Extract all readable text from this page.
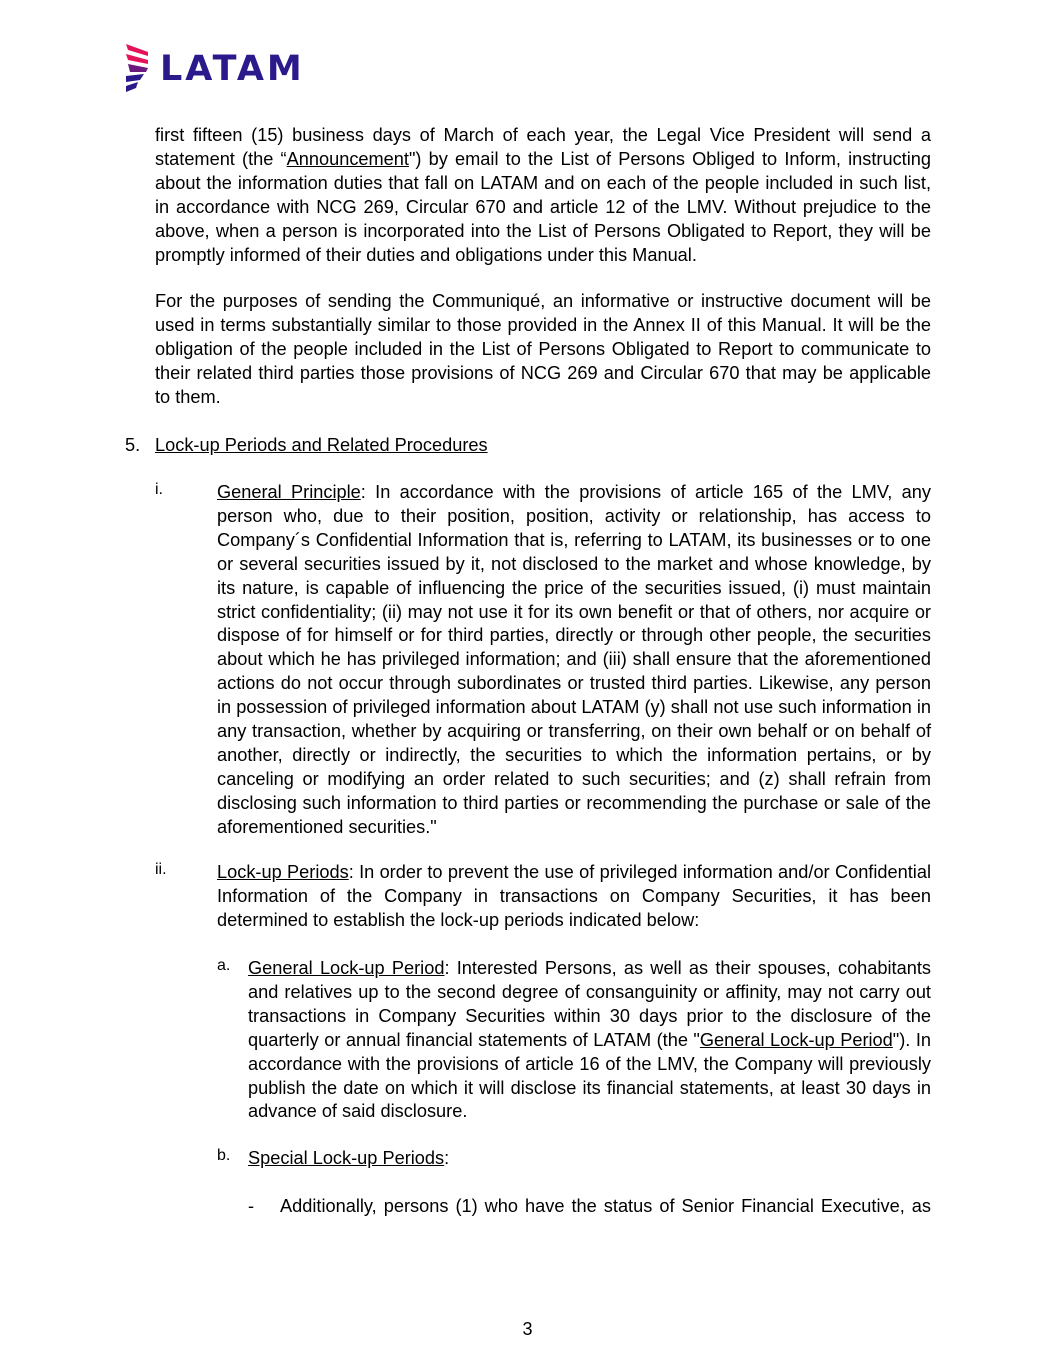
LATAM

first fifteen (15) business days of March of each year, the Legal Vice President will send a statement (the “Announcement") by email to the List of Persons Obliged to Inform, instructing about the information duties that fall on LATAM and on each of the people included in such list, in accordance with NCG 269, Circular 670 and article 12 of the LMV. Without prejudice to the above, when a person is incorporated into the List of Persons Obligated to Report, they will be promptly informed of their duties and obligations under this Manual.

For the purposes of sending the Communiqué, an informative or instructive document will be used in terms substantially similar to those provided in the Annex II of this Manual. It will be the obligation of the people included in the List of Persons Obligated to Report to communicate to their related third parties those provisions of NCG 269 and Circular 670 that may be applicable to them.

5. Lock-up Periods and Related Procedures
i.	General Principle: In accordance with the provisions of article 165 of the LMV, any person who, due to their position, position, activity or relationship, has access to Company´s Confidential Information that is, referring to LATAM, its businesses or to one or several securities issued by it, not disclosed to the market and whose knowledge, by its nature, is capable of influencing the price of the securities issued, (i) must maintain strict confidentiality; (ii) may not use it for its own benefit or that of others, nor acquire or dispose of for himself or for third parties, directly or through other people, the securities about which he has privileged information; and (iii) shall ensure that the aforementioned actions do not occur through subordinates or trusted third parties. Likewise, any person in possession of privileged information about LATAM (y) shall not use such information in any transaction, whether by acquiring or transferring, on their own behalf or on behalf of another, directly or indirectly, the securities to which the information pertains, or by canceling or modifying an order related to such securities; and (z) shall refrain from disclosing such information to third parties or recommending the purchase or sale of the aforementioned securities."
ii.	Lock-up Periods: In order to prevent the use of privileged information and/or Confidential Information of the Company in transactions on Company Securities, it has been determined to establish the lock-up periods indicated below:
a. General Lock-up Period: Interested Persons, as well as their spouses, cohabitants and relatives up to the second degree of consanguinity or affinity, may not carry out transactions in Company Securities within 30 days prior to the disclosure of the quarterly or annual financial statements of LATAM (the "General Lock-up Period"). In accordance with the provisions of article 16 of the LMV, the Company will previously publish the date on which it will disclose its financial statements, at least 30 days in advance of said disclosure.
b. Special Lock-up Periods:
- Additionally, persons (1) who have the status of Senior Financial Executive, as
3
